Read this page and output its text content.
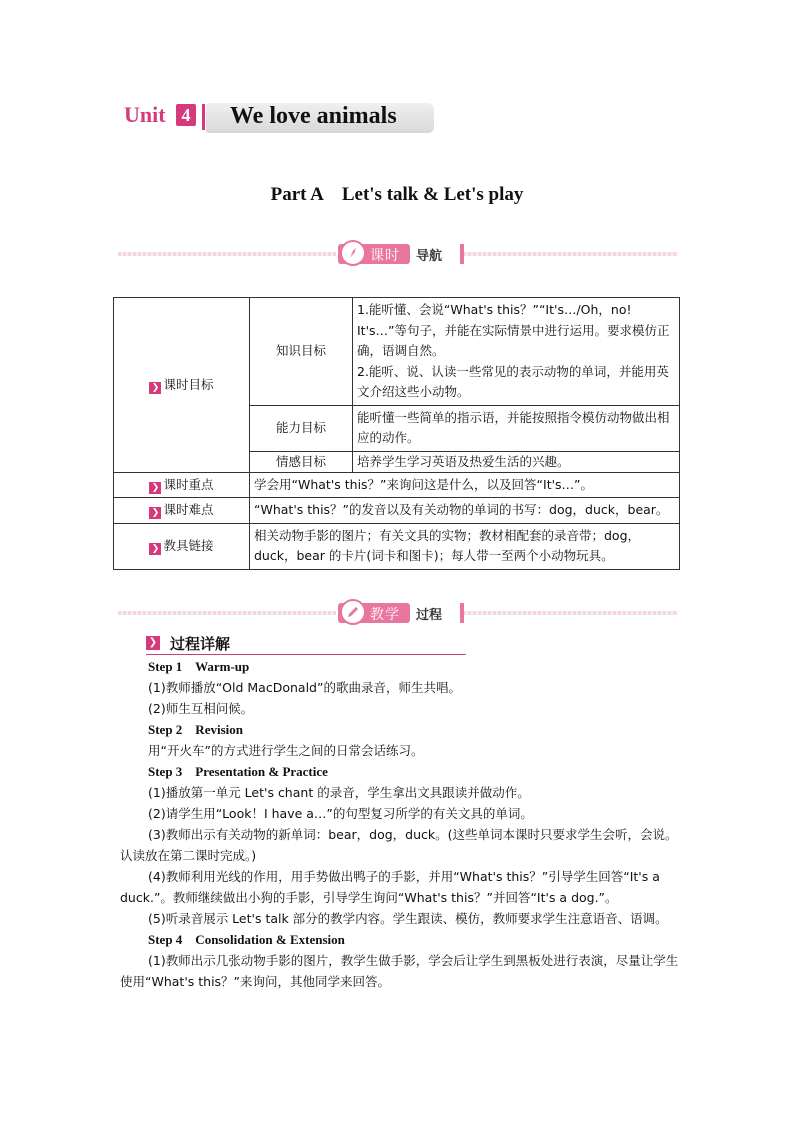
Unit 4 We love animals
Part A    Let's talk & Let's play
课时 导航
❯ 课时目标	知识目标	1.能听懂、会说“What's this？”“It's…/Oh，no! It's…”等句子，并能在实际情景中进行运用。要求模仿正确，语调自然。
2.能听、说、认读一些常见的表示动物的单词，并能用英文介绍这些小动物。

	能力目标	能听懂一些简单的指示语，并能按照指令模仿动物做出相应的动作。
	情感目标	培养学生学习英语及热爱生活的兴趣。
❯ 课时重点	学会用“What's this？”来询问这是什么，以及回答“It's…”。	
❯ 课时难点	“What's this？”的发音以及有关动物的单词的书写：dog，duck，bear。	
❯ 教具链接	相关动物手影的图片；有关文具的实物；教材相配套的录音带；dog，duck，bear 的卡片(词卡和图卡)；每人带一至两个小动物玩具。	
教学 过程
❯ 过程详解

Step 1    Warm-up

(1)教师播放“Old MacDonald”的歌曲录音，师生共唱。

(2)师生互相问候。

Step 2    Revision

用“开火车”的方式进行学生之间的日常会话练习。

Step 3    Presentation & Practice

(1)播放第一单元 Let's chant 的录音，学生拿出文具跟读并做动作。

(2)请学生用“Look！I have a…”的句型复习所学的有关文具的单词。

(3)教师出示有关动物的新单词：bear，dog，duck。(这些单词本课时只要求学生会听，会说。认读放在第二课时完成。)

(4)教师利用光线的作用，用手势做出鸭子的手影，并用“What's this？”引导学生回答“It's a duck.”。教师继续做出小狗的手影，引导学生询问“What's this？”并回答“It's a dog.”。

(5)听录音展示 Let's talk 部分的教学内容。学生跟读、模仿，教师要求学生注意语音、语调。

Step 4    Consolidation & Extension

(1)教师出示几张动物手影的图片，教学生做手影，学会后让学生到黑板处进行表演，尽量让学生使用“What's this？”来询问，其他同学来回答。
